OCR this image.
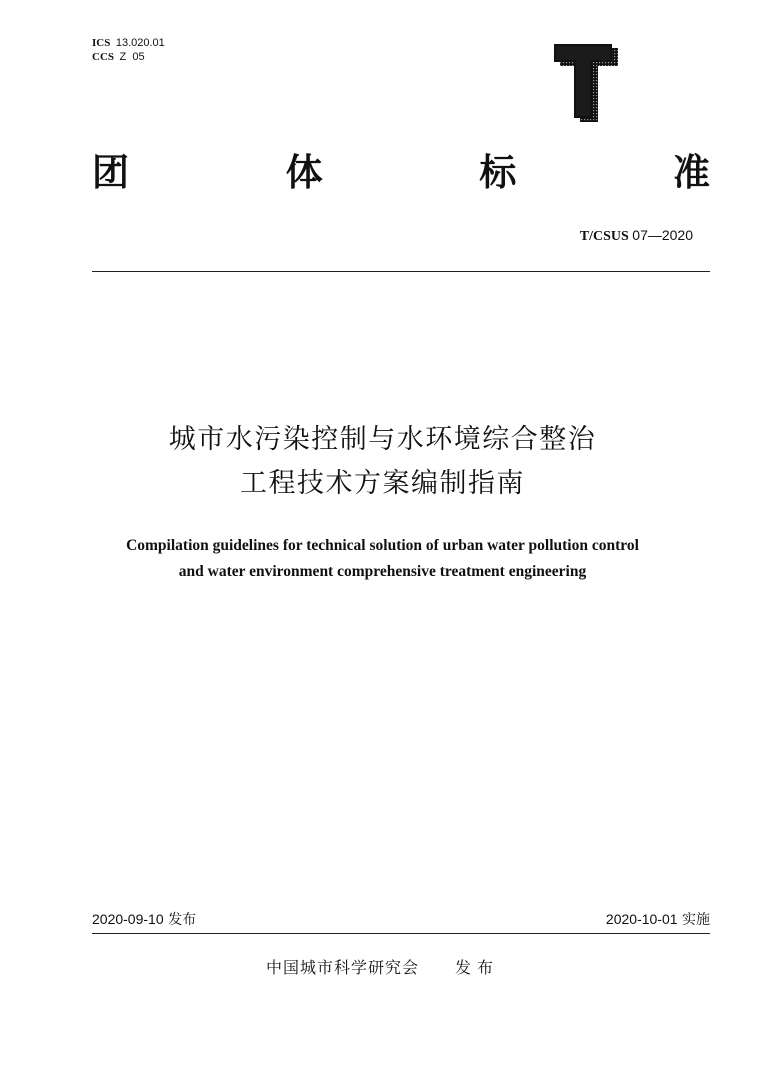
ICS 13.020.01
CCS Z  05
团	体	标	准
T/CSUS 07—2020
城市水污染控制与水环境综合整治
工程技术方案编制指南
Compilation guidelines for technical solution of urban water pollution control
and water environment comprehensive treatment engineering
2020-09-10 发布	2020-10-01 实施
中国城市科学研究会 发布
